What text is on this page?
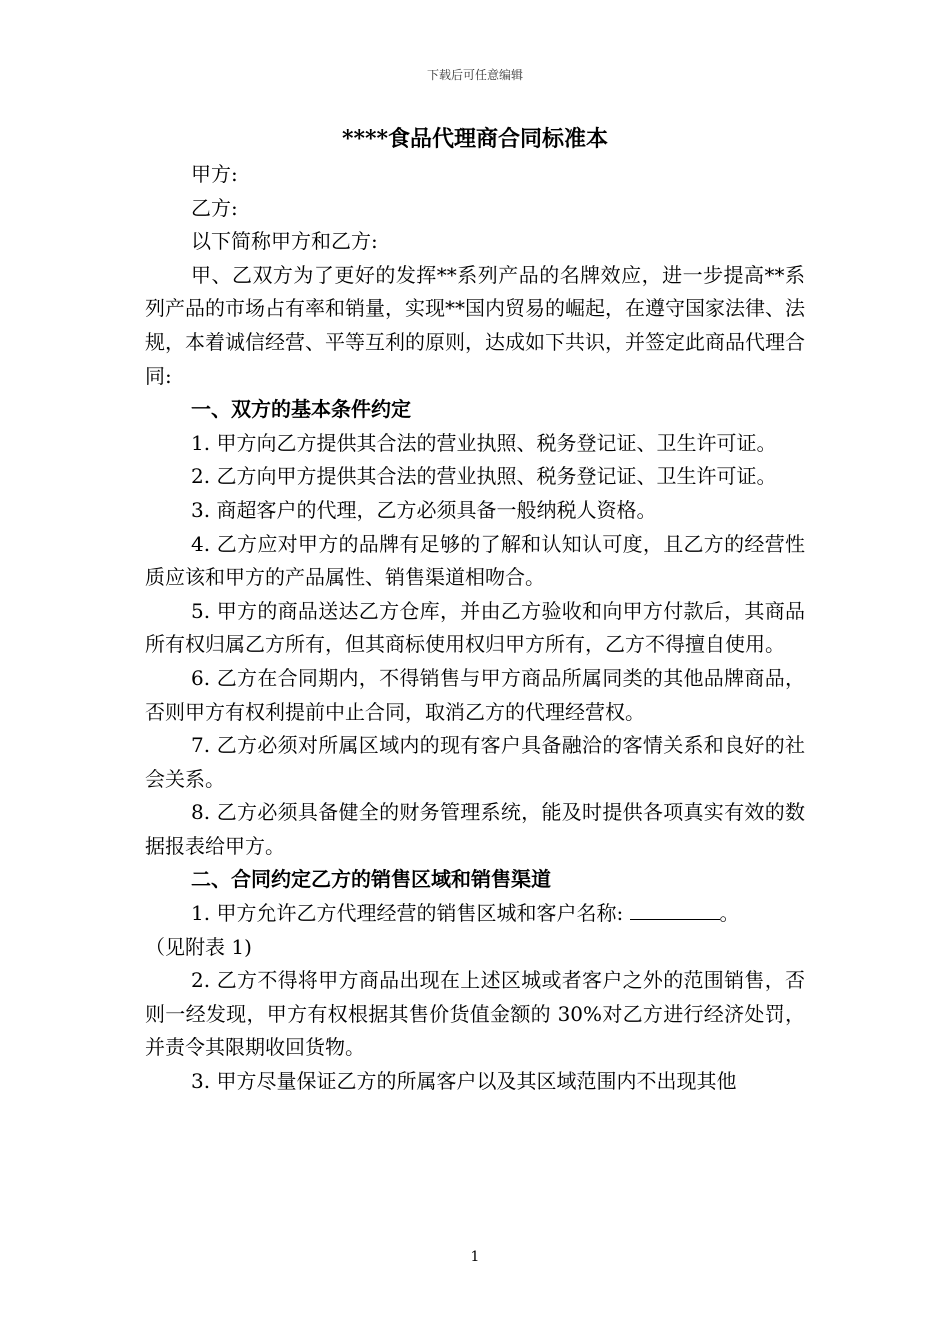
下载后可任意编辑
****食品代理商合同标准本

甲方:

乙方:

以下简称甲方和乙方:

甲、乙双方为了更好的发挥**系列产品的名牌效应，进一步提高**系列产品的市场占有率和销量，实现**国内贸易的崛起，在遵守国家法律、法规，本着诚信经营、平等互利的原则，达成如下共识，并签定此商品代理合同:

一、双方的基本条件约定

1. 甲方向乙方提供其合法的营业执照、税务登记证、卫生许可证。

2. 乙方向甲方提供其合法的营业执照、税务登记证、卫生许可证。

3. 商超客户的代理，乙方必须具备一般纳税人资格。

4. 乙方应对甲方的品牌有足够的了解和认知认可度，且乙方的经营性质应该和甲方的产品属性、销售渠道相吻合。

5. 甲方的商品送达乙方仓库，并由乙方验收和向甲方付款后，其商品所有权归属乙方所有，但其商标使用权归甲方所有，乙方不得擅自使用。

6. 乙方在合同期内，不得销售与甲方商品所属同类的其他品牌商品，否则甲方有权利提前中止合同，取消乙方的代理经营权。

7. 乙方必须对所属区域内的现有客户具备融洽的客情关系和良好的社会关系。

8. 乙方必须具备健全的财务管理系统，能及时提供各项真实有效的数据报表给甲方。

二、合同约定乙方的销售区域和销售渠道

1. 甲方允许乙方代理经营的销售区城和客户名称:	。

（见附表 1)

2. 乙方不得将甲方商品出现在上述区城或者客户之外的范围销售，否则一经发现，甲方有权根据其售价货值金额的 30%对乙方进行经济处罚，并责令其限期收回货物。

3. 甲方尽量保证乙方的所属客户以及其区域范围内不出现其他

1
